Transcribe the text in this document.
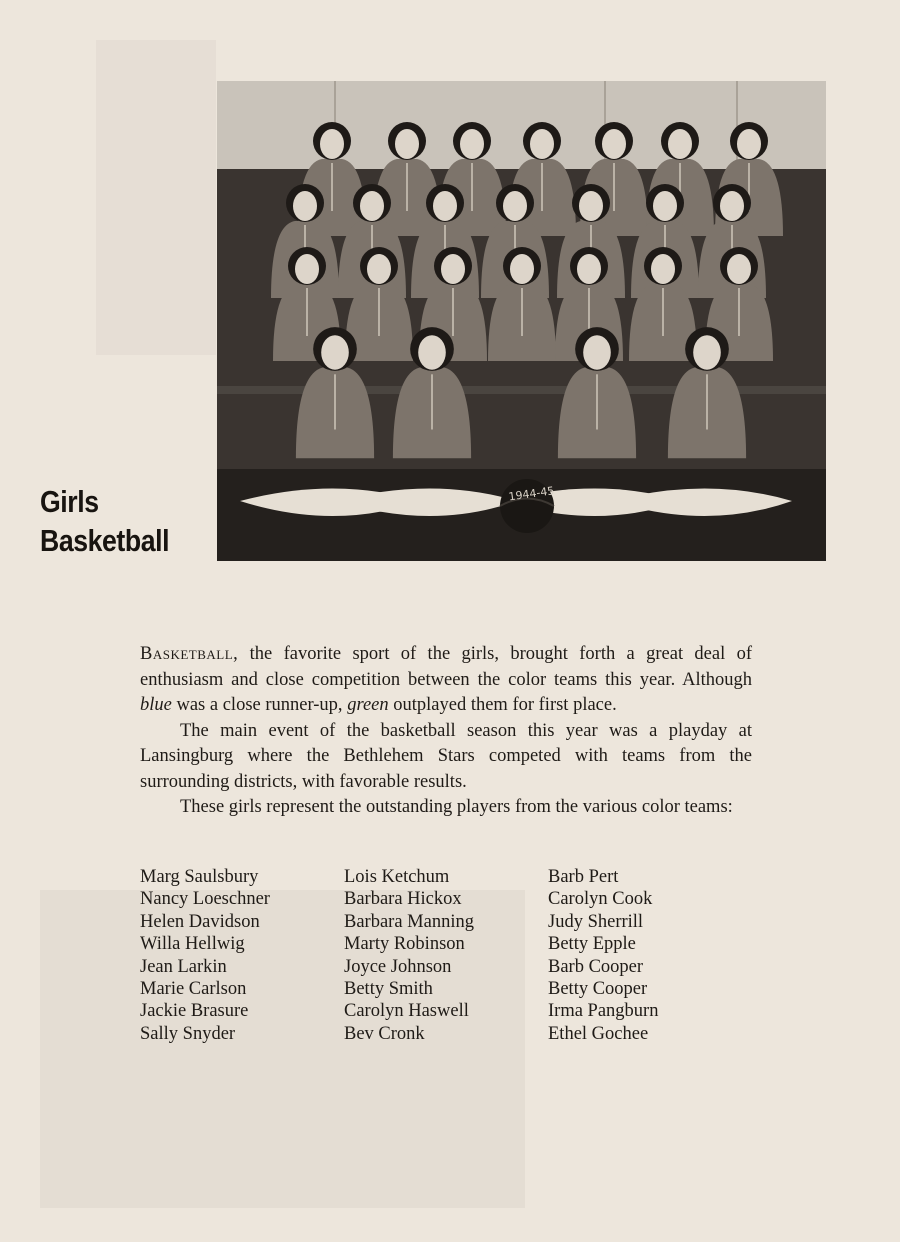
1944-45
Girls
Basketball

Basketball, the favorite sport of the girls, brought forth a great deal of enthusiasm and close competition between the color teams this year. Although blue was a close runner-up, green outplayed them for first place.

The main event of the basketball season this year was a playday at Lansingburg where the Bethlehem Stars competed with teams from the surrounding districts, with favorable results.

These girls represent the outstanding players from the various color teams:

Marg Saulsbury
Nancy Loeschner
Helen Davidson
Willa Hellwig
Jean Larkin
Marie Carlson
Jackie Brasure
Sally Snyder
Lois Ketchum
Barbara Hickox
Barbara Manning
Marty Robinson
Joyce Johnson
Betty Smith
Carolyn Haswell
Bev Cronk
Barb Pert
Carolyn Cook
Judy Sherrill
Betty Epple
Barb Cooper
Betty Cooper
Irma Pangburn
Ethel Gochee
